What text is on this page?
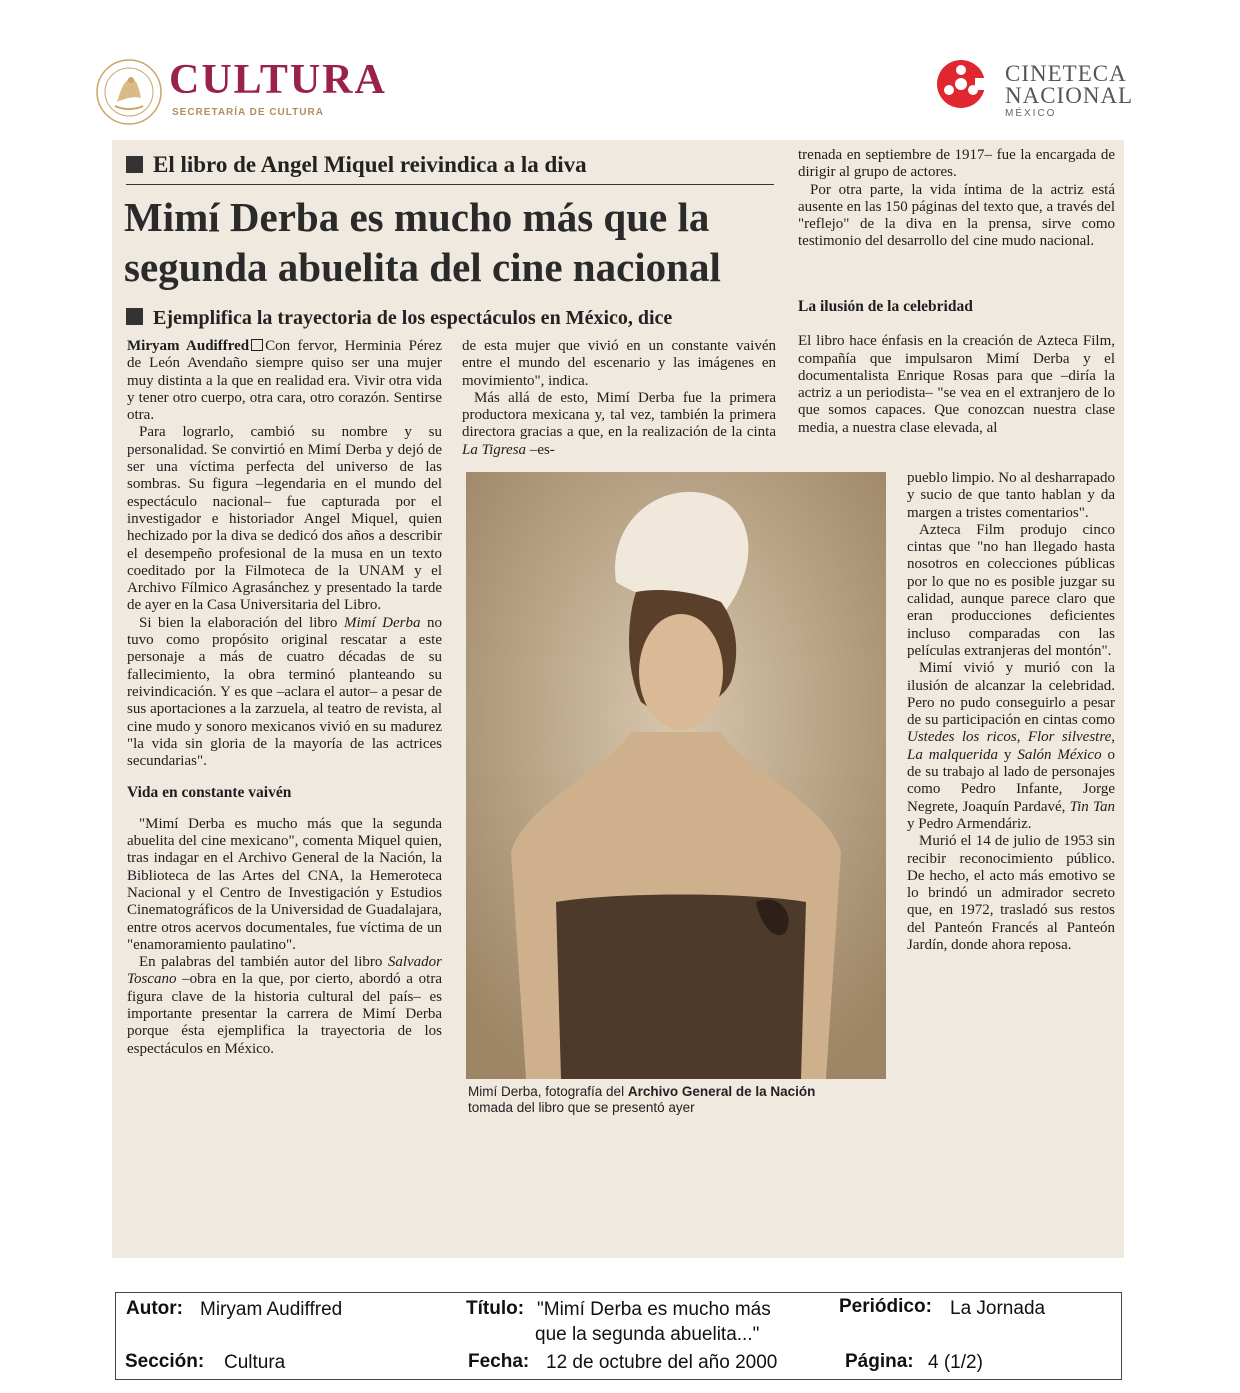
CULTURA
SECRETARÍA DE CULTURA
CINETECA
NACIONAL
MÉXICO
El libro de Angel Miquel reivindica a la diva
Mimí Derba es mucho más que la segunda abuelita del cine nacional
Ejemplifica la trayectoria de los espectáculos en México, dice

Miryam Audiffred Con fervor, Herminia Pérez de León Avendaño siempre quiso ser una mujer muy distinta a la que en realidad era. Vivir otra vida y tener otro cuerpo, otra cara, otro corazón. Sentirse otra.

Para lograrlo, cambió su nombre y su personalidad. Se convirtió en Mimí Derba y dejó de ser una víctima perfecta del universo de las sombras. Su figura –legendaria en el mundo del espectáculo nacional– fue capturada por el investigador e historiador Angel Miquel, quien hechizado por la diva se dedicó dos años a describir el desempeño profesional de la musa en un texto coeditado por la Filmoteca de la UNAM y el Archivo Fílmico Agrasánchez y presentado la tarde de ayer en la Casa Universitaria del Libro.

Si bien la elaboración del libro Mimí Derba no tuvo como propósito original rescatar a este personaje a más de cuatro décadas de su fallecimiento, la obra terminó planteando su reivindicación. Y es que –aclara el autor– a pesar de sus aportaciones a la zarzuela, al teatro de revista, al cine mudo y sonoro mexicanos vivió en su madurez "la vida sin gloria de la mayoría de las actrices secundarias".

Vida en constante vaivén

"Mimí Derba es mucho más que la segunda abuelita del cine mexicano", comenta Miquel quien, tras indagar en el Archivo General de la Nación, la Biblioteca de las Artes del CNA, la Hemeroteca Nacional y el Centro de Investigación y Estudios Cinematográficos de la Universidad de Guadalajara, entre otros acervos documentales, fue víctima de un "enamoramiento paulatino".

En palabras del también autor del libro Salvador Toscano –obra en la que, por cierto, abordó a otra figura clave de la historia cultural del país– es importante presentar la carrera de Mimí Derba porque ésta ejemplifica la trayectoria de los espectáculos en México.

de esta mujer que vivió en un constante vaivén entre el mundo del escenario y las imágenes en movimiento", indica.

Más allá de esto, Mimí Derba fue la primera productora mexicana y, tal vez, también la primera directora gracias a que, en la realización de la cinta La Tigresa –es-

Mimí Derba, fotografía del Archivo General de la Nación
tomada del libro que se presentó ayer

trenada en septiembre de 1917– fue la encargada de dirigir al grupo de actores.

Por otra parte, la vida íntima de la actriz está ausente en las 150 páginas del texto que, a través del "reflejo" de la diva en la prensa, sirve como testimonio del desarrollo del cine mudo nacional.

La ilusión de la celebridad

El libro hace énfasis en la creación de Azteca Film, compañía que impulsaron Mimí Derba y el documentalista Enrique Rosas para que –diría la actriz a un periodista– "se vea en el extranjero de lo que somos capaces. Que conozcan nuestra clase media, a nuestra clase elevada, al

pueblo limpio. No al desharrapado y sucio de que tanto hablan y da margen a tristes comentarios".

Azteca Film produjo cinco cintas que "no han llegado hasta nosotros en colecciones públicas por lo que no es posible juzgar su calidad, aunque parece claro que eran producciones deficientes incluso comparadas con las películas extranjeras del montón".

Mimí vivió y murió con la ilusión de alcanzar la celebridad. Pero no pudo conseguirlo a pesar de su participación en cintas como Ustedes los ricos, Flor silvestre, La malquerida y Salón México o de su trabajo al lado de personajes como Pedro Infante, Jorge Negrete, Joaquín Pardavé, Tin Tan y Pedro Armendáriz.

Murió el 14 de julio de 1953 sin recibir reconocimiento público. De hecho, el acto más emotivo se lo brindó un admirador secreto que, en 1972, trasladó sus restos del Panteón Francés al Panteón Jardín, donde ahora reposa.

Autor: Miryam Audiffred	Título: "Mimí Derba es mucho más
que la segunda abuelita..."
Periódico: La Jornada
Sección: Cultura	Fecha: 12 de octubre del año 2000	Página: 4 (1/2)
